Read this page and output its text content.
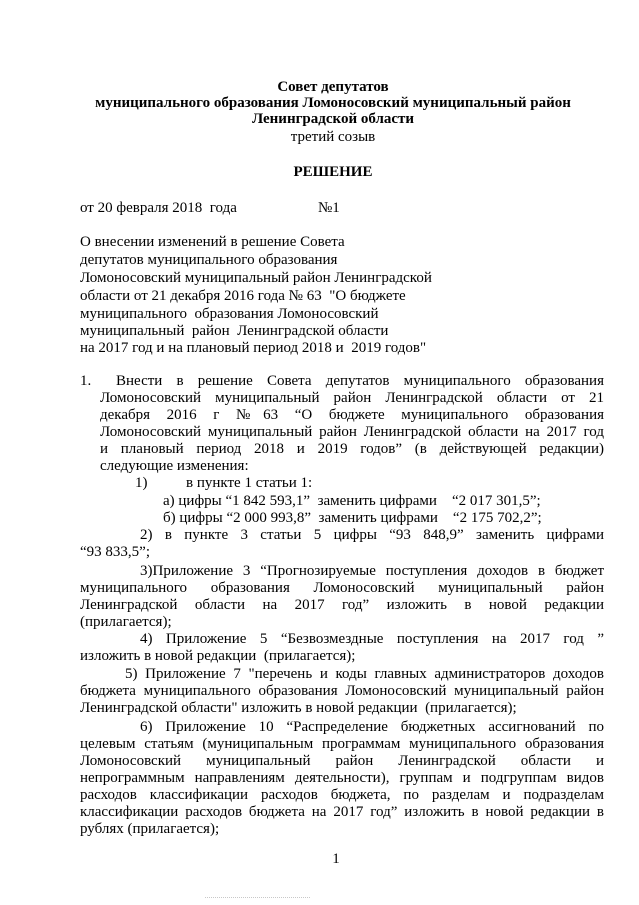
Совет депутатов
муниципального образования Ломоносовский муниципальный район
Ленинградской области
третий созыв
РЕШЕНИЕ
от 20 февраля 2018  года	№1
О внесении изменений в решение Совета
депутатов муниципального образования
Ломоносовский муниципальный район Ленинградской
области от 21 декабря 2016 года № 63  "О бюджете
муниципального  образования Ломоносовский
муниципальный  район  Ленинградской области
на 2017 год и на плановый период 2018 и  2019 годов"
1. Внести в решение Совета депутатов муниципального образования
Ломоносовский муниципальный район Ленинградской области от 21
декабря 2016 г №63 “О бюджете муниципального образования
Ломоносовский муниципальный район Ленинградской области на 2017 год
и плановый период 2018 и 2019 годов” (в действующей редакции)
следующие изменения:
1)	в пункте 1 статьи 1:
а) цифры “1 842 593,1”  заменить цифрами    “2 017 301,5”;
б) цифры “2 000 993,8”  заменить цифрами    “2 175 702,2”;
2) в пункте 3 статьи 5 цифры “93 848,9” заменить цифрами
“93 833,5”;
3)Приложение 3 “Прогнозируемые поступления доходов в бюджет
муниципального образования Ломоносовский муниципальный район
Ленинградской области на 2017 год” изложить в новой редакции
(прилагается);
4) Приложение 5 “Безвозмездные поступления на 2017 год ”
изложить в новой редакции  (прилагается);
5) Приложение 7 "перечень и коды главных администраторов доходов
бюджета муниципального образования Ломоносовский муниципальный район
Ленинградской области" изложить в новой редакции  (прилагается);
6) Приложение 10 “Распределение бюджетных ассигнований по
целевым статьям (муниципальным программам муниципального образования
Ломоносовский муниципальный район Ленинградской области и
непрограммным направлениям деятельности), группам и подгруппам видов
расходов классификации расходов бюджета, по разделам и подразделам
классификации расходов бюджета на 2017 год” изложить в новой редакции в
рублях (прилагается);
1
